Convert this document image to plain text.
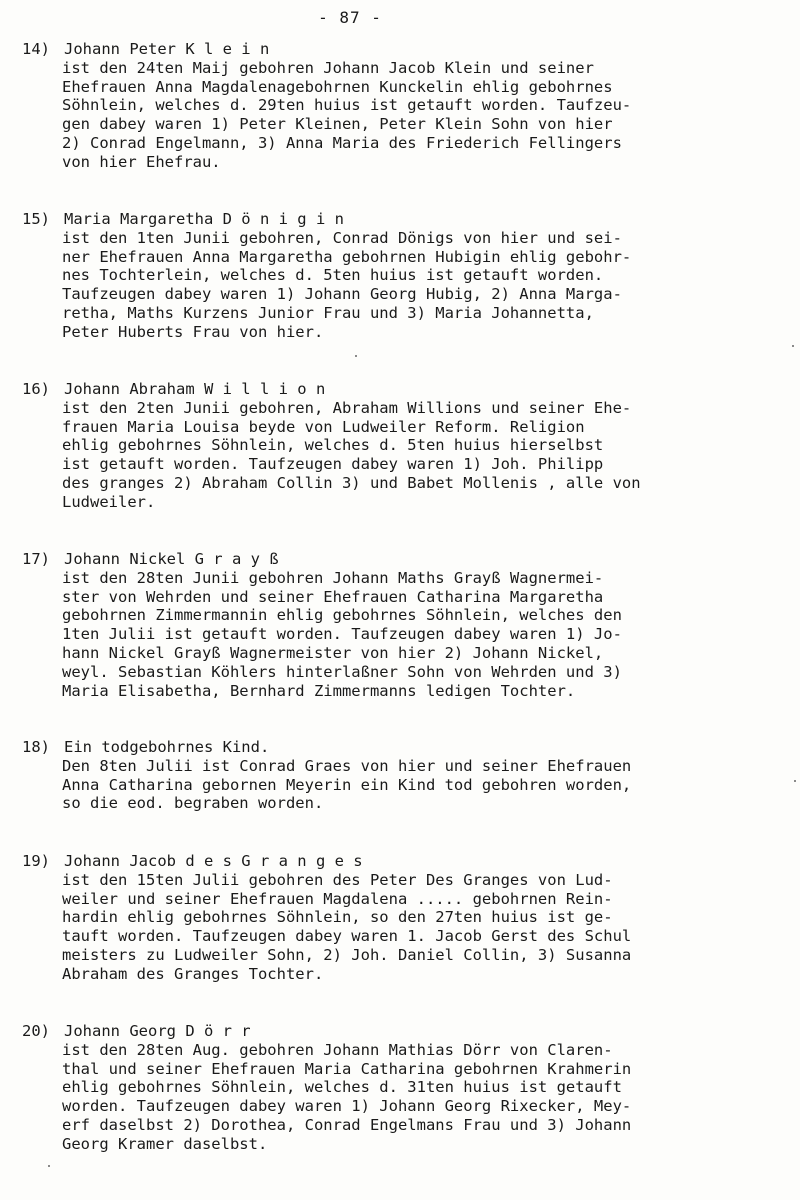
- 87 -
14) Johann Peter K l e i n
ist den 24ten Maij gebohren Johann Jacob Klein und seiner
Ehefrauen Anna Magdalenagebohrnen Kunckelin ehlig gebohrnes
Söhnlein, welches d. 29ten huius ist getauft worden. Taufzeu-
gen dabey waren 1) Peter Kleinen, Peter Klein Sohn von hier
2) Conrad Engelmann, 3) Anna Maria des Friederich Fellingers
von hier Ehefrau.
15) Maria Margaretha D ö n i g i n
ist den 1ten Junii gebohren, Conrad Dönigs von hier und sei-
ner Ehefrauen Anna Margaretha gebohrnen Hubigin ehlig gebohr-
nes Tochterlein, welches d. 5ten huius ist getauft worden.
Taufzeugen dabey waren 1) Johann Georg Hubig, 2) Anna Marga-
retha, Maths Kurzens Junior Frau und 3) Maria Johannetta,
Peter Huberts Frau von hier.
16) Johann Abraham W i l l i o n
ist den 2ten Junii gebohren, Abraham Willions und seiner Ehe-
frauen Maria Louisa beyde von Ludweiler Reform. Religion
ehlig gebohrnes Söhnlein, welches d. 5ten huius hierselbst
ist getauft worden. Taufzeugen dabey waren 1) Joh. Philipp
des granges 2) Abraham Collin 3) und Babet Mollenis , alle von
Ludweiler.
17) Johann Nickel G r a y ß
ist den 28ten Junii gebohren Johann Maths Grayß Wagnermei-
ster von Wehrden und seiner Ehefrauen Catharina Margaretha
gebohrnen Zimmermannin ehlig gebohrnes Söhnlein, welches den
1ten Julii ist getauft worden. Taufzeugen dabey waren 1) Jo-
hann Nickel Grayß Wagnermeister von hier 2) Johann Nickel,
weyl. Sebastian Köhlers hinterlaßner Sohn von Wehrden und 3)
Maria Elisabetha, Bernhard Zimmermanns ledigen Tochter.
18) Ein todgebohrnes Kind.
Den 8ten Julii ist Conrad Graes von hier und seiner Ehefrauen
Anna Catharina gebornen Meyerin ein Kind tod gebohren worden,
so die eod. begraben worden.
19) Johann Jacob d e s G r a n g e s
ist den 15ten Julii gebohren des Peter Des Granges von Lud-
weiler und seiner Ehefrauen Magdalena ..... gebohrnen Rein-
hardin ehlig gebohrnes Söhnlein, so den 27ten huius ist ge-
tauft worden. Taufzeugen dabey waren 1. Jacob Gerst des Schul
meisters zu Ludweiler Sohn, 2) Joh. Daniel Collin, 3) Susanna
Abraham des Granges Tochter.
20) Johann Georg D ö r r
ist den 28ten Aug. gebohren Johann Mathias Dörr von Claren-
thal und seiner Ehefrauen Maria Catharina gebohrnen Krahmerin
ehlig gebohrnes Söhnlein, welches d. 31ten huius ist getauft
worden. Taufzeugen dabey waren 1) Johann Georg Rixecker, Mey-
erf daselbst 2) Dorothea, Conrad Engelmans Frau und 3) Johann
Georg Kramer daselbst.
